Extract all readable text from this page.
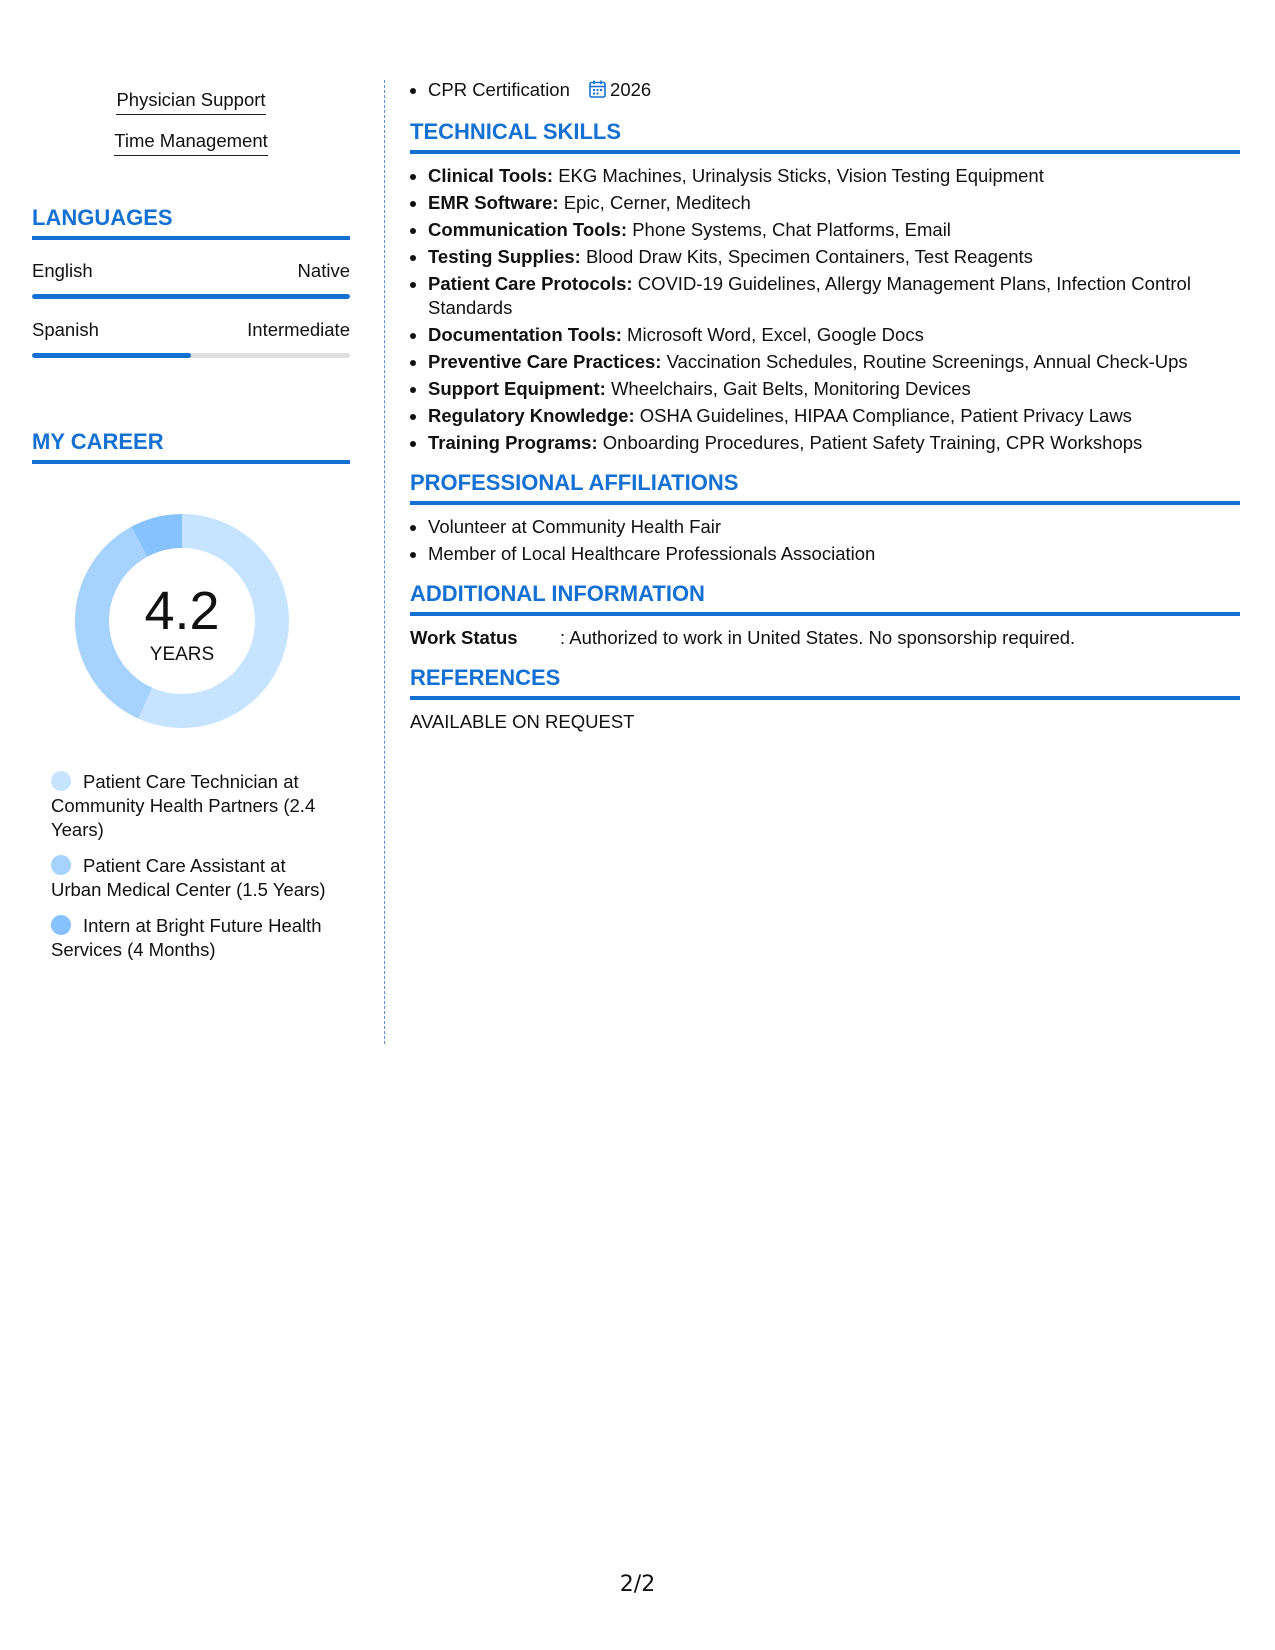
Physician Support
Time Management
LANGUAGES
English	Native
Spanish	Intermediate
MY CAREER
4.2
YEARS
Patient Care Technician at Community Health Partners (2.4 Years)
Patient Care Assistant at Urban Medical Center (1.5 Years)
Intern at Bright Future Health Services (4 Months)
• CPR Certification 2026
TECHNICAL SKILLS
• Clinical Tools: EKG Machines, Urinalysis Sticks, Vision Testing Equipment
• EMR Software: Epic, Cerner, Meditech
• Communication Tools: Phone Systems, Chat Platforms, Email
• Testing Supplies: Blood Draw Kits, Specimen Containers, Test Reagents
• Patient Care Protocols: COVID-19 Guidelines, Allergy Management Plans, Infection Control Standards
• Documentation Tools: Microsoft Word, Excel, Google Docs
• Preventive Care Practices: Vaccination Schedules, Routine Screenings, Annual Check-Ups
• Support Equipment: Wheelchairs, Gait Belts, Monitoring Devices
• Regulatory Knowledge: OSHA Guidelines, HIPAA Compliance, Patient Privacy Laws
• Training Programs: Onboarding Procedures, Patient Safety Training, CPR Workshops
PROFESSIONAL AFFILIATIONS
• Volunteer at Community Health Fair
• Member of Local Healthcare Professionals Association
ADDITIONAL INFORMATION
Work Status	: Authorized to work in United States. No sponsorship required.
REFERENCES
AVAILABLE ON REQUEST
2/2
